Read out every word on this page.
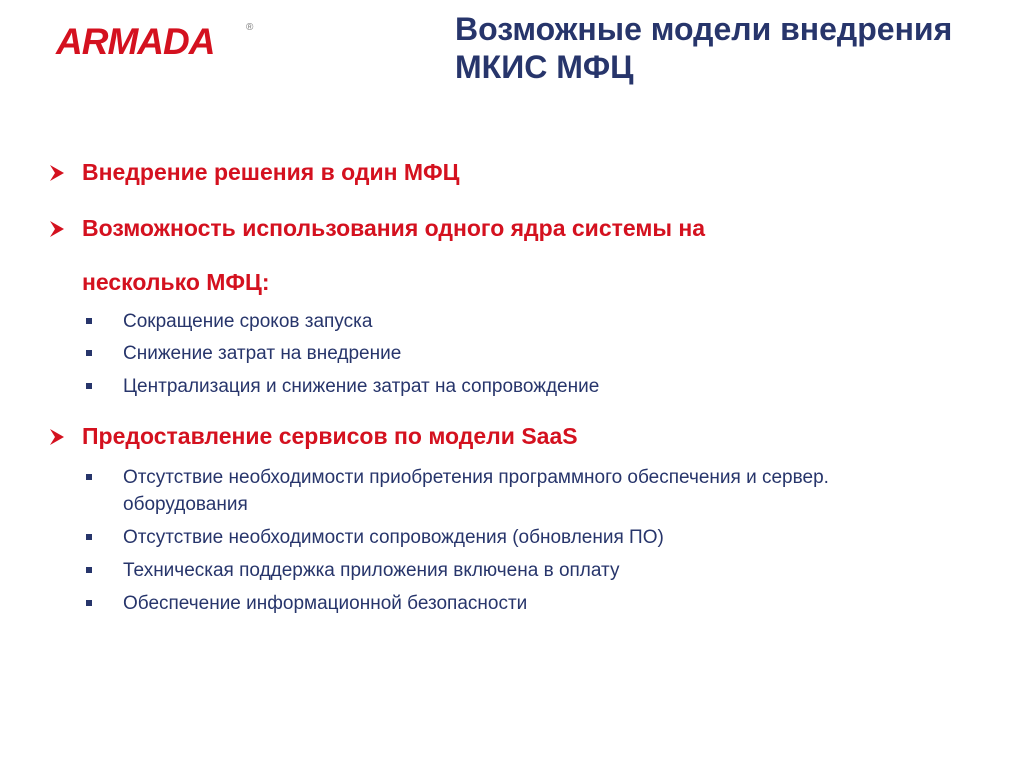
ARMADA	®	Возможные модели внедрения
МКИС МФЦ
Внедрение решения в один МФЦ
Возможность использования одного ядра системы на
несколько МФЦ:
Сокращение сроков запуска
Снижение затрат на внедрение
Централизация и снижение затрат на сопровождение
Предоставление сервисов по модели SaaS
Отсутствие необходимости приобретения программного обеспечения и сервер.
оборудования
Отсутствие необходимости сопровождения (обновления ПО)
Техническая поддержка приложения включена в оплату
Обеспечение информационной безопасности
